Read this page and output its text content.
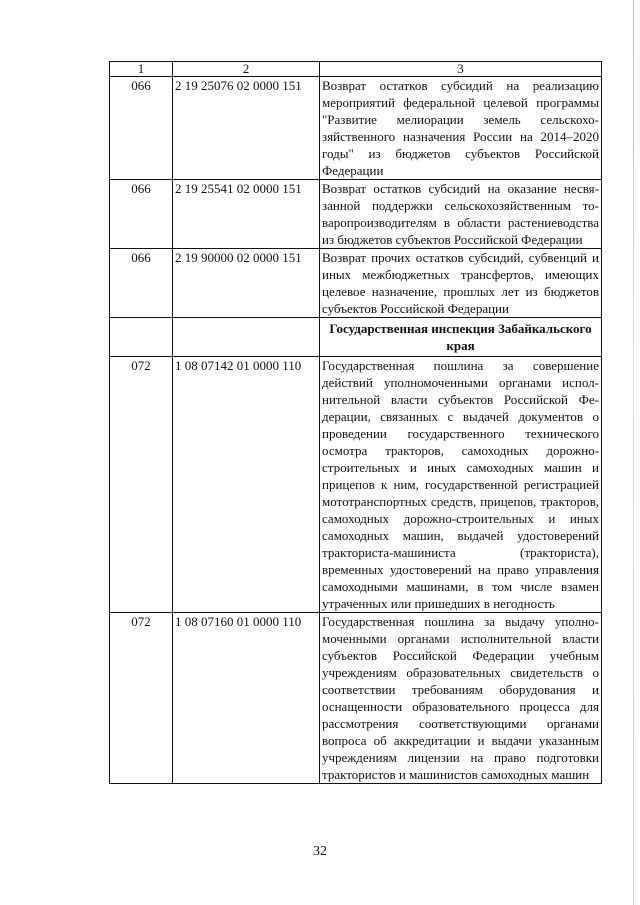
1	2	3
066	2 19 25076 02 0000 151	Возврат остатков субсидий на реализацию мероприятий федеральной целевой программы "Развитие мелиорации земель сельскохозяйственного назначения России на 2014–2020 годы" из бюджетов субъектов Российской Федерации
066	2 19 25541 02 0000 151	Возврат остатков субсидий на оказание несвязанной поддержки сельскохозяйственным товаропроизводителям в области растениеводства из бюджетов субъектов Российской Федерации
066	2 19 90000 02 0000 151	Возврат прочих остатков субсидий, субвенций и иных межбюджетных трансфертов, имеющих целевое назначение, прошлых лет из бюджетов субъектов Российской Федерации
		Государственная инспекция Забайкальского края
072	1 08 07142 01 0000 110	Государственная пошлина за совершение действий уполномоченными органами исполнительной власти субъектов Российской Федерации, связанных с выдачей документов о проведении государственного технического осмотра тракторов, самоходных дорожно-строительных и иных самоходных машин и прицепов к ним, государственной регистрацией мототранспортных средств, прицепов, тракторов, самоходных дорожно-строительных и иных самоходных машин, выдачей удостоверений тракториста-машиниста (тракториста), временных удостоверений на право управления самоходными машинами, в том числе взамен утраченных или пришедших в негодность
072	1 08 07160 01 0000 110	Государственная пошлина за выдачу уполномоченными органами исполнительной власти субъектов Российской Федерации учебным учреждениям образовательных свидетельств о соответствии требованиям оборудования и оснащенности образовательного процесса для рассмотрения соответствующими органами вопроса об аккредитации и выдачи указанным учреждениям лицензии на право подготовки трактористов и машинистов самоходных машин
32
